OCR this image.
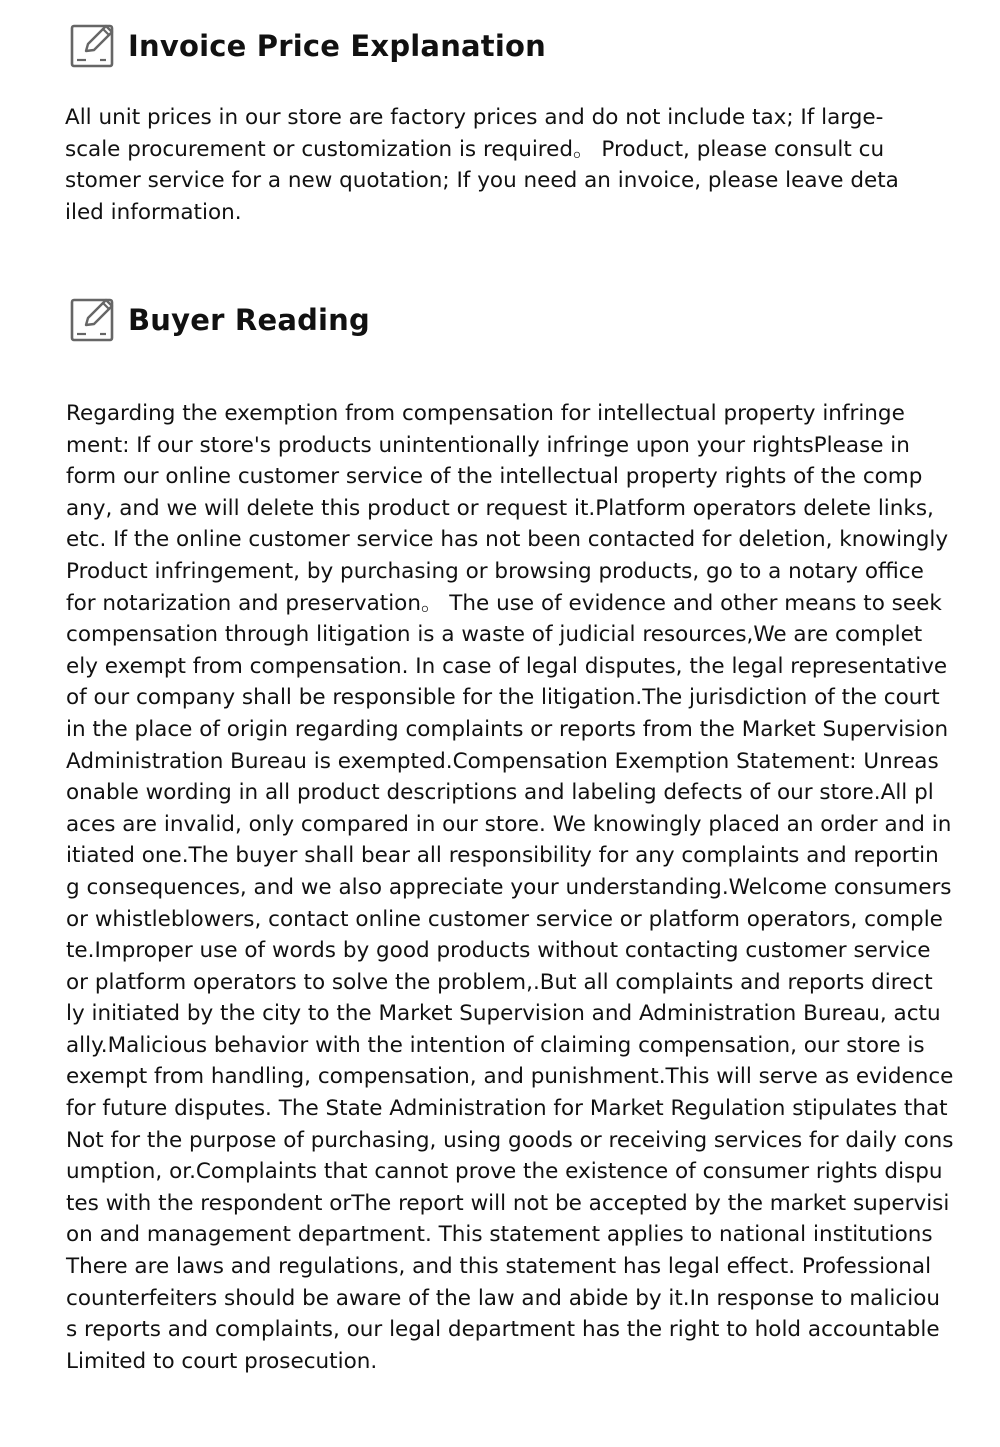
Invoice Price Explanation
All unit prices in our store are factory prices and do not include tax; If large-
scale procurement or customization is required。 Product, please consult cu
stomer service for a new quotation; If you need an invoice, please leave deta
iled information.
Buyer Reading
Regarding the exemption from compensation for intellectual property infringe
ment: If our store's products unintentionally infringe upon your rightsPlease in
form our online customer service of the intellectual property rights of the comp
any, and we will delete this product or request it.Platform operators delete links,
etc. If the online customer service has not been contacted for deletion, knowingly
Product infringement, by purchasing or browsing products, go to a notary office
for notarization and preservation。 The use of evidence and other means to seek
compensation through litigation is a waste of judicial resources,We are complet
ely exempt from compensation. In case of legal disputes, the legal representative
of our company shall be responsible for the litigation.The jurisdiction of the court
in the place of origin regarding complaints or reports from the Market Supervision
Administration Bureau is exempted.Compensation Exemption Statement: Unreas
onable wording in all product descriptions and labeling defects of our store.All pl
aces are invalid, only compared in our store. We knowingly placed an order and in
itiated one.The buyer shall bear all responsibility for any complaints and reportin
g consequences, and we also appreciate your understanding.Welcome consumers
or whistleblowers, contact online customer service or platform operators, comple
te.Improper use of words by good products without contacting customer service
or platform operators to solve the problem,.But all complaints and reports direct
ly initiated by the city to the Market Supervision and Administration Bureau, actu
ally.Malicious behavior with the intention of claiming compensation, our store is
exempt from handling, compensation, and punishment.This will serve as evidence
for future disputes. The State Administration for Market Regulation stipulates that
Not for the purpose of purchasing, using goods or receiving services for daily cons
umption, or.Complaints that cannot prove the existence of consumer rights dispu
tes with the respondent orThe report will not be accepted by the market supervisi
on and management department. This statement applies to national institutions
There are laws and regulations, and this statement has legal effect. Professional
counterfeiters should be aware of the law and abide by it.In response to maliciou
s reports and complaints, our legal department has the right to hold accountable
Limited to court prosecution.
